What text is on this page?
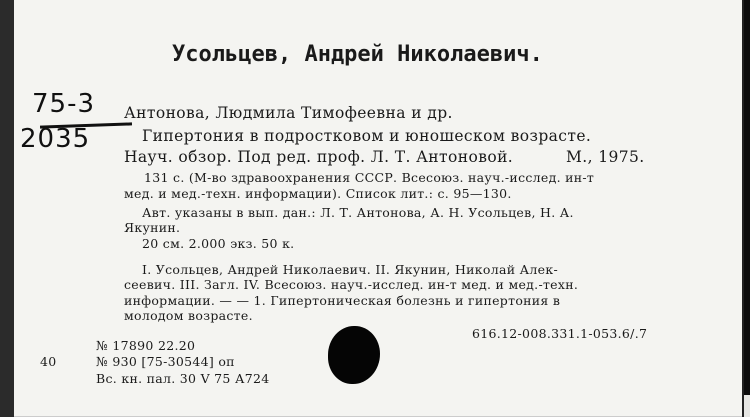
Усольцев, Андрей Николаевич.
75-3
2035
Антонова, Людмила Тимофеевна и др.
Гипертония в подростковом и юношеском возрасте.
Науч. обзор. Под ред. проф. Л. Т. Антоновой.	М., 1975.
131 с. (М-во здравоохранения СССР. Всесоюз. науч.-исслед. ин-т
мед. и мед.-техн. информации). Список лит.: с. 95—130.
Авт. указаны в вып. дан.: Л. Т. Антонова, А. Н. Усольцев, Н. А.
Якунин.
20 см. 2.000 экз. 50 к.
I. Усольцев, Андрей Николаевич. II. Якунин, Николай Алек-
сеевич. III. Загл. IV. Всесоюз. науч.-исслед. ин-т мед. и мед.-техн.
информации. — — 1. Гипертоническая болезнь и гипертония в
молодом возрасте.
616.12-008.331.1-053.6/.7
№ 17890 22.20
40	№ 930 [75-30544] оп
Вс. кн. пал. 30 V 75 А724
